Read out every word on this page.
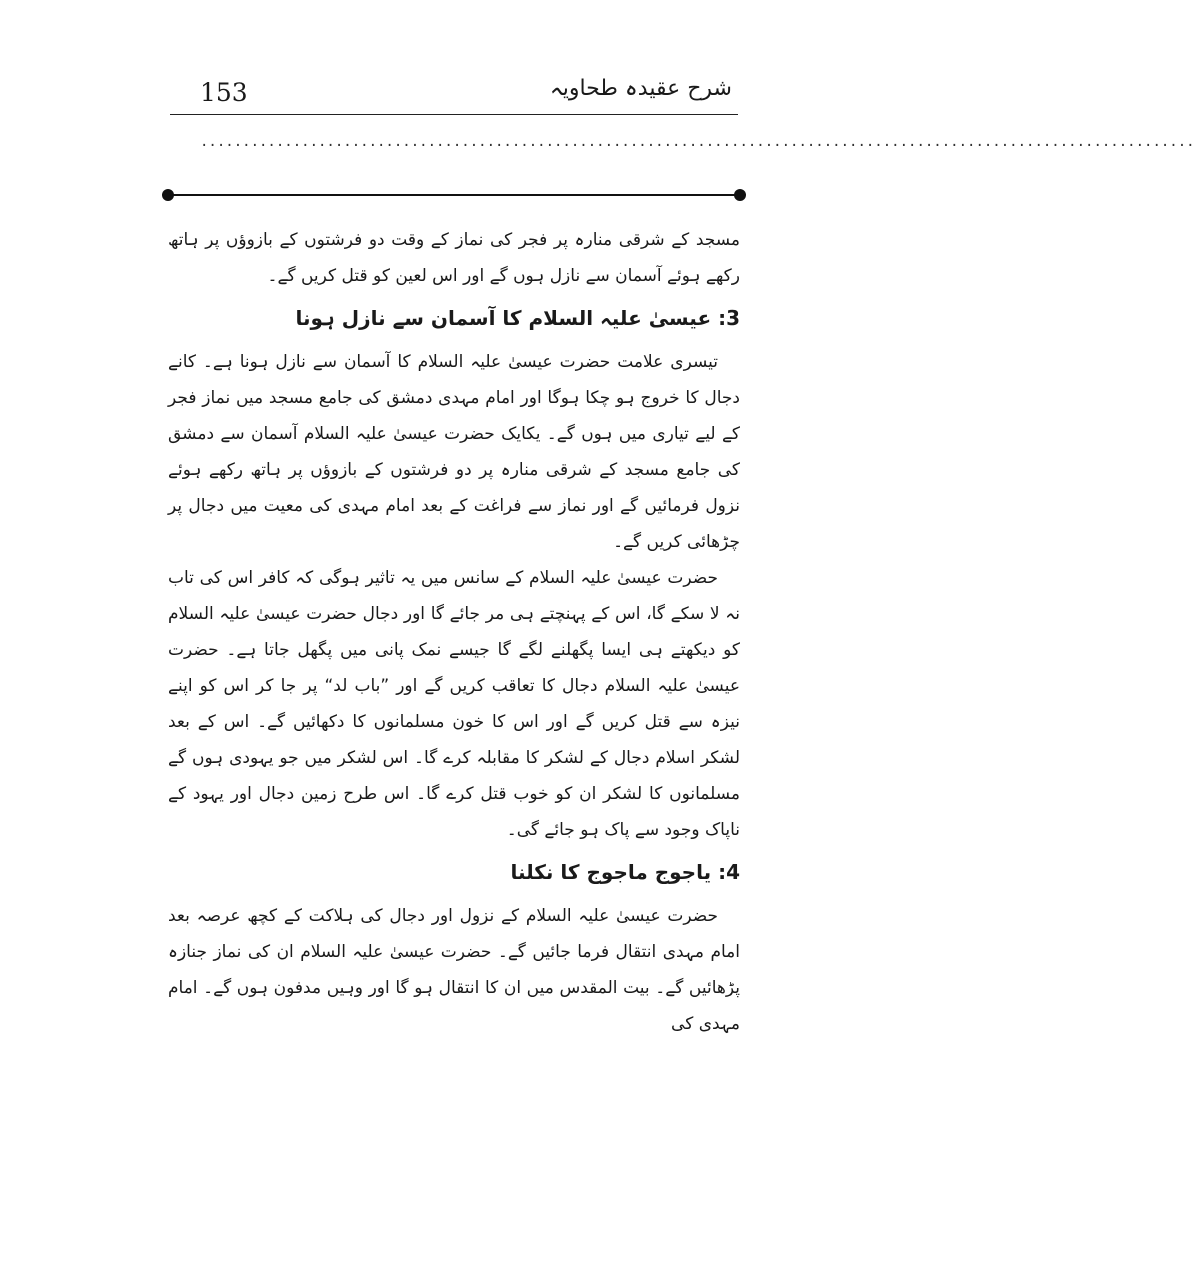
153	شرح عقیدہ طحاویہ
......................................................................................................................

مسجد کے شرقی منارہ پر فجر کی نماز کے وقت دو فرشتوں کے بازوؤں پر ہاتھ رکھے ہوئے آسمان سے نازل ہوں گے اور اس لعین کو قتل کریں گے۔

3: عیسیٰ علیہ السلام کا آسمان سے نازل ہونا

تیسری علامت حضرت عیسیٰ علیہ السلام کا آسمان سے نازل ہونا ہے۔ کانے دجال کا خروج ہو چکا ہوگا اور امام مہدی دمشق کی جامع مسجد میں نماز فجر کے لیے تیاری میں ہوں گے۔ یکایک حضرت عیسیٰ علیہ السلام آسمان سے دمشق کی جامع مسجد کے شرقی منارہ پر دو فرشتوں کے بازوؤں پر ہاتھ رکھے ہوئے نزول فرمائیں گے اور نماز سے فراغت کے بعد امام مہدی کی معیت میں دجال پر چڑھائی کریں گے۔

حضرت عیسیٰ علیہ السلام کے سانس میں یہ تاثیر ہوگی کہ کافر اس کی تاب نہ لا سکے گا، اس کے پہنچتے ہی مر جائے گا اور دجال حضرت عیسیٰ علیہ السلام کو دیکھتے ہی ایسا پگھلنے لگے گا جیسے نمک پانی میں پگھل جاتا ہے۔ حضرت عیسیٰ علیہ السلام دجال کا تعاقب کریں گے اور ”باب لد“ پر جا کر اس کو اپنے نیزہ سے قتل کریں گے اور اس کا خون مسلمانوں کا دکھائیں گے۔ اس کے بعد لشکر اسلام دجال کے لشکر کا مقابلہ کرے گا۔ اس لشکر میں جو یہودی ہوں گے مسلمانوں کا لشکر ان کو خوب قتل کرے گا۔ اس طرح زمین دجال اور یہود کے ناپاک وجود سے پاک ہو جائے گی۔

4: یاجوج ماجوج کا نکلنا

حضرت عیسیٰ علیہ السلام کے نزول اور دجال کی ہلاکت کے کچھ عرصہ بعد امام مہدی انتقال فرما جائیں گے۔ حضرت عیسیٰ علیہ السلام ان کی نماز جنازہ پڑھائیں گے۔ بیت المقدس میں ان کا انتقال ہو گا اور وہیں مدفون ہوں گے۔ امام مہدی کی
